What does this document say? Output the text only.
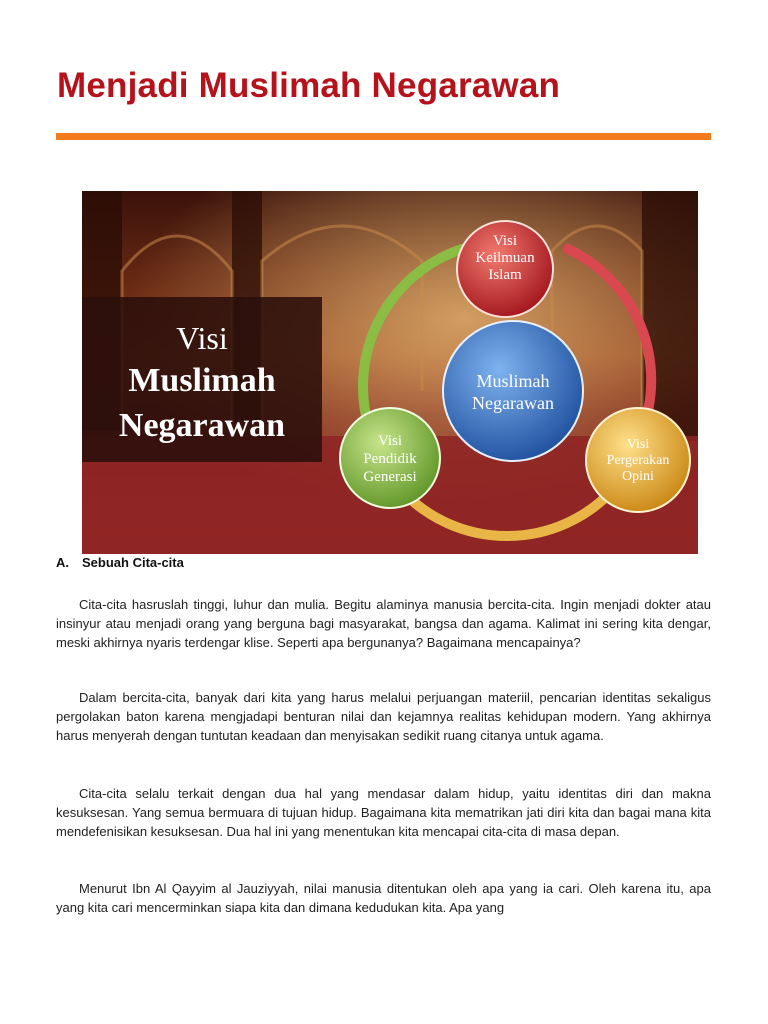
Menjadi Muslimah Negarawan
Visi
Muslimah
Negarawan
Muslimah
Negarawan
Visi
Keilmuan
Islam
Visi
Pendidik
Generasi
Visi
Pergerakan
Opini
A. Sebuah Cita-cita

Cita-cita hasruslah tinggi, luhur dan mulia. Begitu alaminya manusia bercita-cita. Ingin menjadi dokter atau insinyur atau menjadi orang yang berguna bagi masyarakat, bangsa dan agama. Kalimat ini sering kita dengar, meski akhirnya nyaris terdengar klise. Seperti apa bergunanya? Bagaimana mencapainya?

Dalam bercita-cita, banyak dari kita yang harus melalui perjuangan materiil, pencarian identitas sekaligus pergolakan baton karena mengjadapi benturan nilai dan kejamnya realitas kehidupan modern. Yang akhirnya harus menyerah dengan tuntutan keadaan dan menyisakan sedikit ruang citanya untuk agama.

Cita-cita selalu terkait dengan dua hal yang mendasar dalam hidup, yaitu identitas diri dan makna kesuksesan. Yang semua bermuara di tujuan hidup. Bagaimana kita mematrikan jati diri kita dan bagai mana kita mendefenisikan kesuksesan. Dua hal ini yang menentukan kita mencapai cita-cita di masa depan.

Menurut Ibn Al Qayyim al Jauziyyah, nilai manusia ditentukan oleh apa yang ia cari. Oleh karena itu, apa yang kita cari mencerminkan siapa kita dan dimana kedudukan kita. Apa yang
